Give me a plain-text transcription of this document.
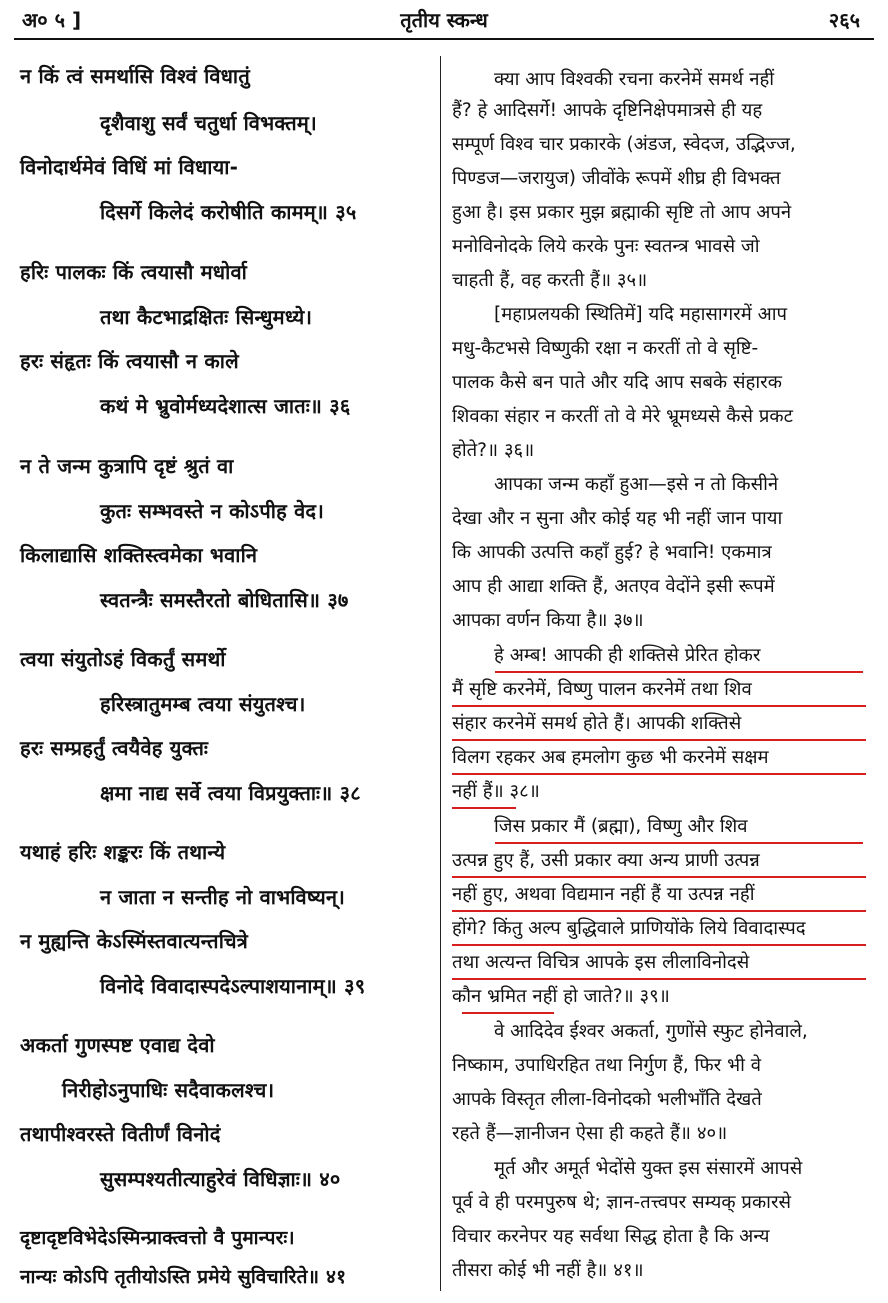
अ० ५ ]	तृतीय स्कन्ध	२६५
न किं त्वं समर्थासि विश्वं विधातुं
दृशैवाशु सर्वं चतुर्धा विभक्तम्।
विनोदार्थमेवं विधिं मां विधाया-
दिसर्गे किलेदं करोषीति कामम्॥ ३५
हरिः पालकः किं त्वयासौ मधोर्वा
तथा कैटभाद्रक्षितः सिन्धुमध्ये।
हरः संहृतः किं त्वयासौ न काले
कथं मे भ्रुवोर्मध्यदेशात्स जातः॥ ३६
न ते जन्म कुत्रापि दृष्टं श्रुतं वा
कुतः सम्भवस्ते न कोऽपीह वेद।
किलाद्यासि शक्तिस्त्वमेका भवानि
स्वतन्त्रैः समस्तैरतो बोधितासि॥ ३७
त्वया संयुतोऽहं विकर्तुं समर्थो
हरिस्त्रातुमम्ब त्वया संयुतश्च।
हरः सम्प्रहर्तुं त्वयैवेह युक्तः
क्षमा नाद्य सर्वे त्वया विप्रयुक्ताः॥ ३८
यथाहं हरिः शङ्करः किं तथान्ये
न जाता न सन्तीह नो वाभविष्यन्।
न मुह्यन्ति केऽस्मिंस्तवात्यन्तचित्रे
विनोदे विवादास्पदेऽल्पाशयानाम्॥ ३९
अकर्ता गुणस्पष्ट एवाद्य देवो
निरीहोऽनुपाधिः सदैवाकलश्च।
तथापीश्वरस्ते वितीर्णं विनोदं
सुसम्पश्यतीत्याहुरेवं विधिज्ञाः॥ ४०
दृष्टादृष्टविभेदेऽस्मिन्प्राक्त्वत्तो वै पुमान्परः।
नान्यः कोऽपि तृतीयोऽस्ति प्रमेये सुविचारिते॥ ४१
क्या आप विश्वकी रचना करनेमें समर्थ नहीं
हैं? हे आदिसर्गे! आपके दृष्टिनिक्षेपमात्रसे ही यह
सम्पूर्ण विश्व चार प्रकारके (अंडज, स्वेदज, उद्भिज्ज,
पिण्डज—जरायुज) जीवोंके रूपमें शीघ्र ही विभक्त
हुआ है। इस प्रकार मुझ ब्रह्माकी सृष्टि तो आप अपने
मनोविनोदके लिये करके पुनः स्वतन्त्र भावसे जो
चाहती हैं, वह करती हैं॥ ३५॥
[महाप्रलयकी स्थितिमें] यदि महासागरमें आप
मधु-कैटभसे विष्णुकी रक्षा न करतीं तो वे सृष्टि-
पालक कैसे बन पाते और यदि आप सबके संहारक
शिवका संहार न करतीं तो वे मेरे भ्रूमध्यसे कैसे प्रकट
होते?॥ ३६॥
आपका जन्म कहाँ हुआ—इसे न तो किसीने
देखा और न सुना और कोई यह भी नहीं जान पाया
कि आपकी उत्पत्ति कहाँ हुई? हे भवानि! एकमात्र
आप ही आद्या शक्ति हैं, अतएव वेदोंने इसी रूपमें
आपका वर्णन किया है॥ ३७॥
हे अम्ब! आपकी ही शक्तिसे प्रेरित होकर
मैं सृष्टि करनेमें, विष्णु पालन करनेमें तथा शिव
संहार करनेमें समर्थ होते हैं। आपकी शक्तिसे
विलग रहकर अब हमलोग कुछ भी करनेमें सक्षम
नहीं हैं॥ ३८॥
जिस प्रकार मैं (ब्रह्मा), विष्णु और शिव
उत्पन्न हुए हैं, उसी प्रकार क्या अन्य प्राणी उत्पन्न
नहीं हुए, अथवा विद्यमान नहीं हैं या उत्पन्न नहीं
होंगे? किंतु अल्प बुद्धिवाले प्राणियोंके लिये विवादास्पद
तथा अत्यन्त विचित्र आपके इस लीलाविनोदसे
कौन भ्रमित नहीं हो जाते?॥ ३९॥
वे आदिदेव ईश्वर अकर्ता, गुणोंसे स्फुट होनेवाले,
निष्काम, उपाधिरहित तथा निर्गुण हैं, फिर भी वे
आपके विस्तृत लीला-विनोदको भलीभाँति देखते
रहते हैं—ज्ञानीजन ऐसा ही कहते हैं॥ ४०॥
मूर्त और अमूर्त भेदोंसे युक्त इस संसारमें आपसे
पूर्व वे ही परमपुरुष थे; ज्ञान-तत्त्वपर सम्यक् प्रकारसे
विचार करनेपर यह सर्वथा सिद्ध होता है कि अन्य
तीसरा कोई भी नहीं है॥ ४१॥
